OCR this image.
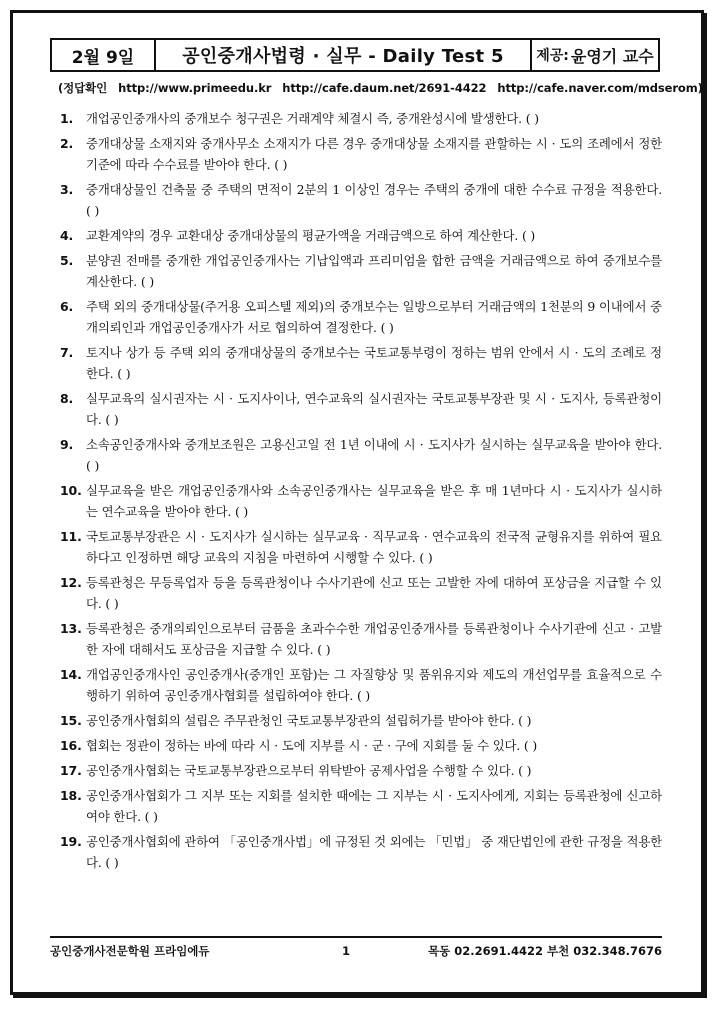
2월 9일	공인중개사법령 · 실무 - Daily Test 5	제공: 윤영기 교수
(정답확인 http://www.primeedu.kr http://cafe.daum.net/2691-4422 http://cafe.naver.com/mdserom)
1. 개업공인중개사의 중개보수 청구권은 거래계약 체결시 즉, 중개완성시에 발생한다. ( )
2. 중개대상물 소재지와 중개사무소 소재지가 다른 경우 중개대상물 소재지를 관할하는 시 · 도의 조례에서 정한 기준에 따라 수수료를 받아야 한다. ( )
3. 중개대상물인 건축물 중 주택의 면적이 2분의 1 이상인 경우는 주택의 중개에 대한 수수료 규정을 적용한다. ( )
4. 교환계약의 경우 교환대상 중개대상물의 평균가액을 거래금액으로 하여 계산한다. ( )
5. 분양권 전매를 중개한 개업공인중개사는 기납입액과 프리미엄을 합한 금액을 거래금액으로 하여 중개보수를 계산한다. ( )
6. 주택 외의 중개대상물(주거용 오피스텔 제외)의 중개보수는 일방으로부터 거래금액의 1천분의 9 이내에서 중개의뢰인과 개업공인중개사가 서로 협의하여 결정한다. ( )
7. 토지나 상가 등 주택 외의 중개대상물의 중개보수는 국토교통부령이 정하는 범위 안에서 시 · 도의 조례로 정한다. ( )
8. 실무교육의 실시권자는 시 · 도지사이나, 연수교육의 실시권자는 국토교통부장관 및 시 · 도지사, 등록관청이다. ( )
9. 소속공인중개사와 중개보조원은 고용신고일 전 1년 이내에 시 · 도지사가 실시하는 실무교육을 받아야 한다. ( )
10. 실무교육을 받은 개업공인중개사와 소속공인중개사는 실무교육을 받은 후 매 1년마다 시 · 도지사가 실시하는 연수교육을 받아야 한다. ( )
11. 국토교통부장관은 시 · 도지사가 실시하는 실무교육 · 직무교육 · 연수교육의 전국적 균형유지를 위하여 필요하다고 인정하면 해당 교육의 지침을 마련하여 시행할 수 있다. ( )
12. 등록관청은 무등록업자 등을 등록관청이나 수사기관에 신고 또는 고발한 자에 대하여 포상금을 지급할 수 있다. ( )
13. 등록관청은 중개의뢰인으로부터 금품을 초과수수한 개업공인중개사를 등록관청이나 수사기관에 신고 · 고발한 자에 대해서도 포상금을 지급할 수 있다. ( )
14. 개업공인중개사인 공인중개사(중개인 포함)는 그 자질향상 및 품위유지와 제도의 개선업무를 효율적으로 수행하기 위하여 공인중개사협회를 설립하여야 한다. ( )
15. 공인중개사협회의 설립은 주무관청인 국토교통부장관의 설립허가를 받아야 한다. ( )
16. 협회는 정관이 정하는 바에 따라 시 · 도에 지부를 시 · 군 · 구에 지회를 둘 수 있다. ( )
17. 공인중개사협회는 국토교통부장관으로부터 위탁받아 공제사업을 수행할 수 있다. ( )
18. 공인중개사협회가 그 지부 또는 지회를 설치한 때에는 그 지부는 시 · 도지사에게, 지회는 등록관청에 신고하여야 한다. ( )
19. 공인중개사협회에 관하여 「공인중개사법」에 규정된 것 외에는 「민법」 중 재단법인에 관한 규정을 적용한다. ( )
공인중개사전문학원 프라임에듀	1	목동 02.2691.4422 부천 032.348.7676
